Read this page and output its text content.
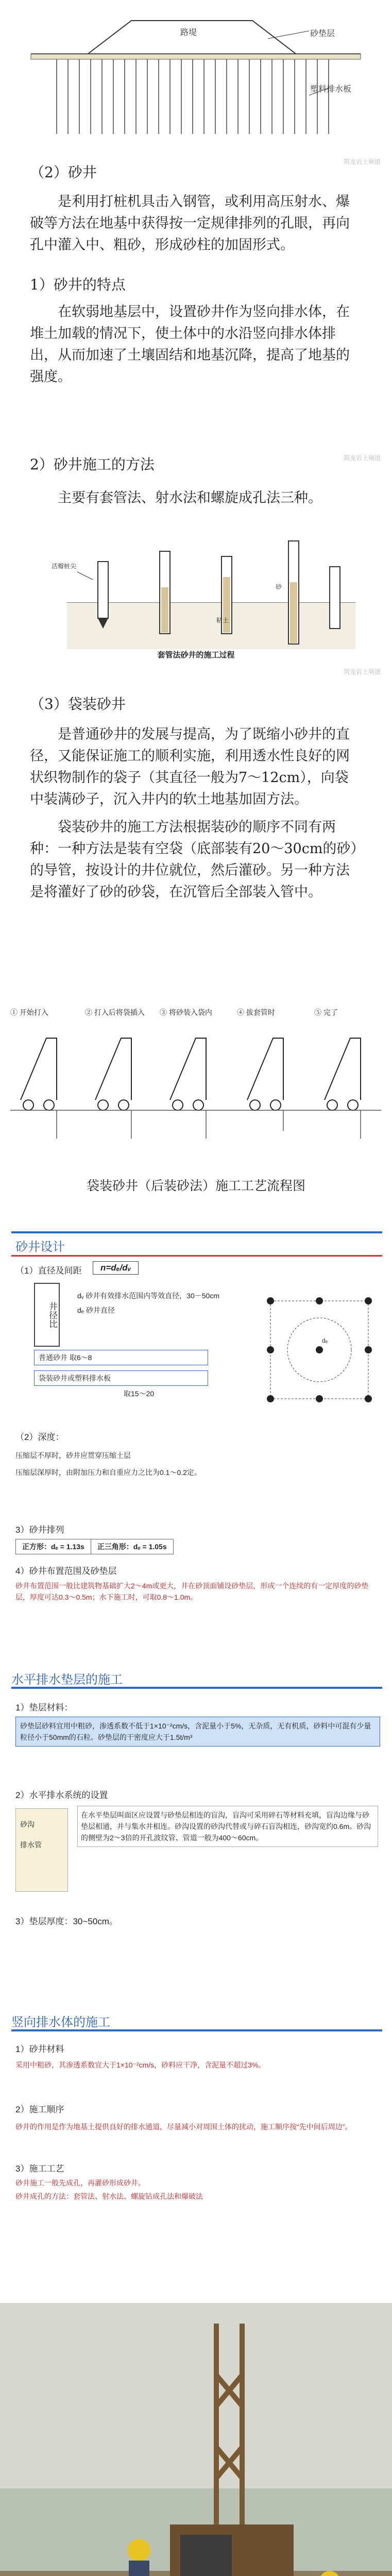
路堤	砂垫层
塑料排水板
筑龙岩土频道

（2）砂井

是利用打桩机具击入钢管，或利用高压射水、爆破等方法在地基中获得按一定规律排列的孔眼，再向孔中灌入中、粗砂，形成砂柱的加固形式。

1）砂井的特点

在软弱地基层中，设置砂井作为竖向排水体，在堆土加载的情况下，使土体中的水沿竖向排水体排出，从而加速了土壤固结和地基沉降，提高了地基的强度。

筑龙岩土频道

2）砂井施工的方法

主要有套管法、射水法和螺旋成孔法三种。

活瓣桩尖
砂
粘土
套管法砂井的施工过程
筑龙岩土频道

（3）袋装砂井

是普通砂井的发展与提高，为了既缩小砂井的直径，又能保证施工的顺利实施，利用透水性良好的网状织物制作的袋子（其直径一般为7～12cm），向袋中装满砂子，沉入井内的软土地基加固方法。

袋装砂井的施工方法根据装砂的顺序不同有两种：一种方法是装有空袋（底部装有20～30cm的砂）的导管，按设计的井位就位，然后灌砂。另一种方法是将灌好了砂的砂袋，在沉管后全部装入管中。

① 开始打入	② 打入后将袋插入	③ 将砂装入袋内	④ 拔套管时	⑤ 完了
袋装砂井（后装砂法）施工工艺流程图
砂井设计
（1）直径及间距	n=dₑ/dᵥ
井径比
dᵥ 砂井有效排水范围内等效直径，30－50cm
dₑ 砂井直径
普通砂井 取6～8
袋装砂井或塑料排水板
取15～20
dₑ
（2）深度：
压缩层不厚时，砂井应贯穿压缩土层
压缩层深厚时，由附加压力和自重应力之比为0.1～0.2定。
3）砂井排列
正方形：dₑ = 1.13s	正三角形：dₑ = 1.05s
4）砂井布置范围及砂垫层
砂井布置范围一般比建筑物基础扩大2～4m或更大，井在砂顶面铺设砂垫层，形成一个连续的有一定厚度的砂垫层，厚度可达0.3～0.5m；水下施工时，可取0.8～1.0m。
水平排水垫层的施工
1）垫层材料：
砂垫层砂料宜用中粗砂，渗透系数不低于1×10⁻²cm/s，含泥量小于5%，无杂质，无有机质，砂料中可混有少量粒径小于50mm的石粒。砂垫层的干密度应大于1.5t/m³
2）水平排水系统的设置
在水平垫层叫面区应设置与砂垫层相连的盲沟，盲沟可采用碎石等材料充填，盲沟边缘与砂垫层相通，并与集水井相连。砂沟设置的砂沟代替或与碎石盲沟相连，砂沟宽约0.6m。砂沟的侧壁为2～3倍的开孔波纹管、管道一般为400～60cm。
砂沟
排水管
3）垫层厚度：30~50cm。
竖向排水体的施工
1）砂井材料
采用中粗砂，其渗透系数宜大于1×10⁻²cm/s，砂料应干净，含泥量不超过3%。
2）施工顺序
砂井的作用是作为地基土提供良好的排水通道，尽量减小对周围土体的扰动，施工顺序按“先中间后周边”。
3）施工工艺
砂井施工一般先成孔，再灌砂形成砂井。
砂井成孔的方法：套管法、射水法、螺旋钻成孔法和爆破法
